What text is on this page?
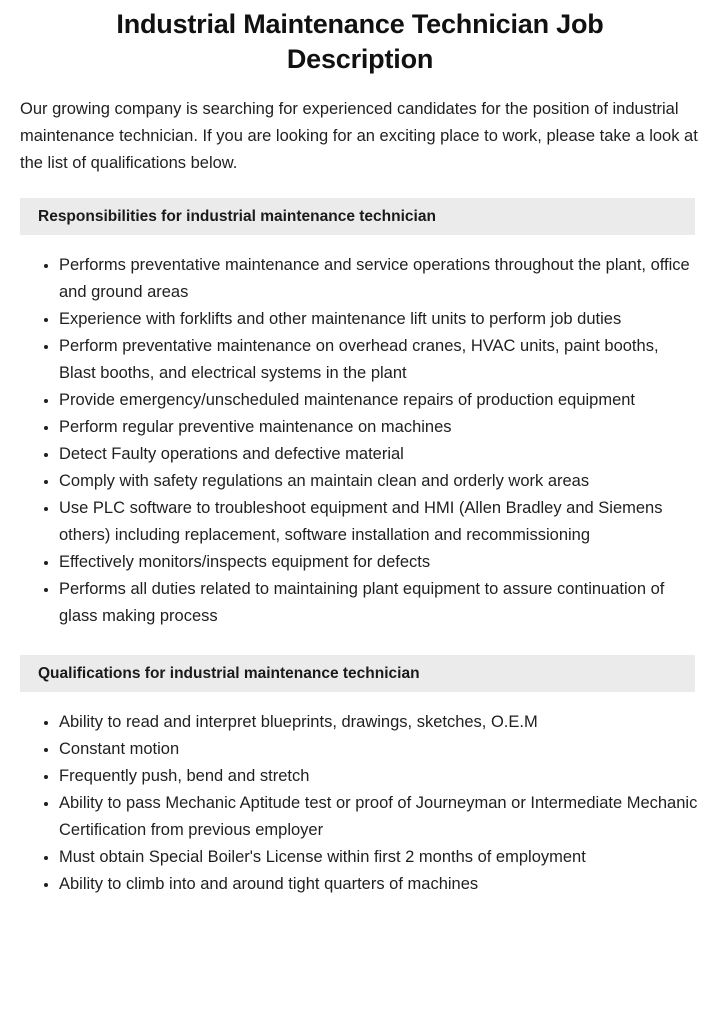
Industrial Maintenance Technician Job Description

Our growing company is searching for experienced candidates for the position of industrial maintenance technician. If you are looking for an exciting place to work, please take a look at the list of qualifications below.

Responsibilities for industrial maintenance technician
Performs preventative maintenance and service operations throughout the plant, office and ground areas
Experience with forklifts and other maintenance lift units to perform job duties
Perform preventative maintenance on overhead cranes, HVAC units, paint booths, Blast booths, and electrical systems in the plant
Provide emergency/unscheduled maintenance repairs of production equipment
Perform regular preventive maintenance on machines
Detect Faulty operations and defective material
Comply with safety regulations an maintain clean and orderly work areas
Use PLC software to troubleshoot equipment and HMI (Allen Bradley and Siemens others) including replacement, software installation and recommissioning
Effectively monitors/inspects equipment for defects
Performs all duties related to maintaining plant equipment to assure continuation of glass making process
Qualifications for industrial maintenance technician
Ability to read and interpret blueprints, drawings, sketches, O.E.M
Constant motion
Frequently push, bend and stretch
Ability to pass Mechanic Aptitude test or proof of Journeyman or Intermediate Mechanic Certification from previous employer
Must obtain Special Boiler's License within first 2 months of employment
Ability to climb into and around tight quarters of machines
